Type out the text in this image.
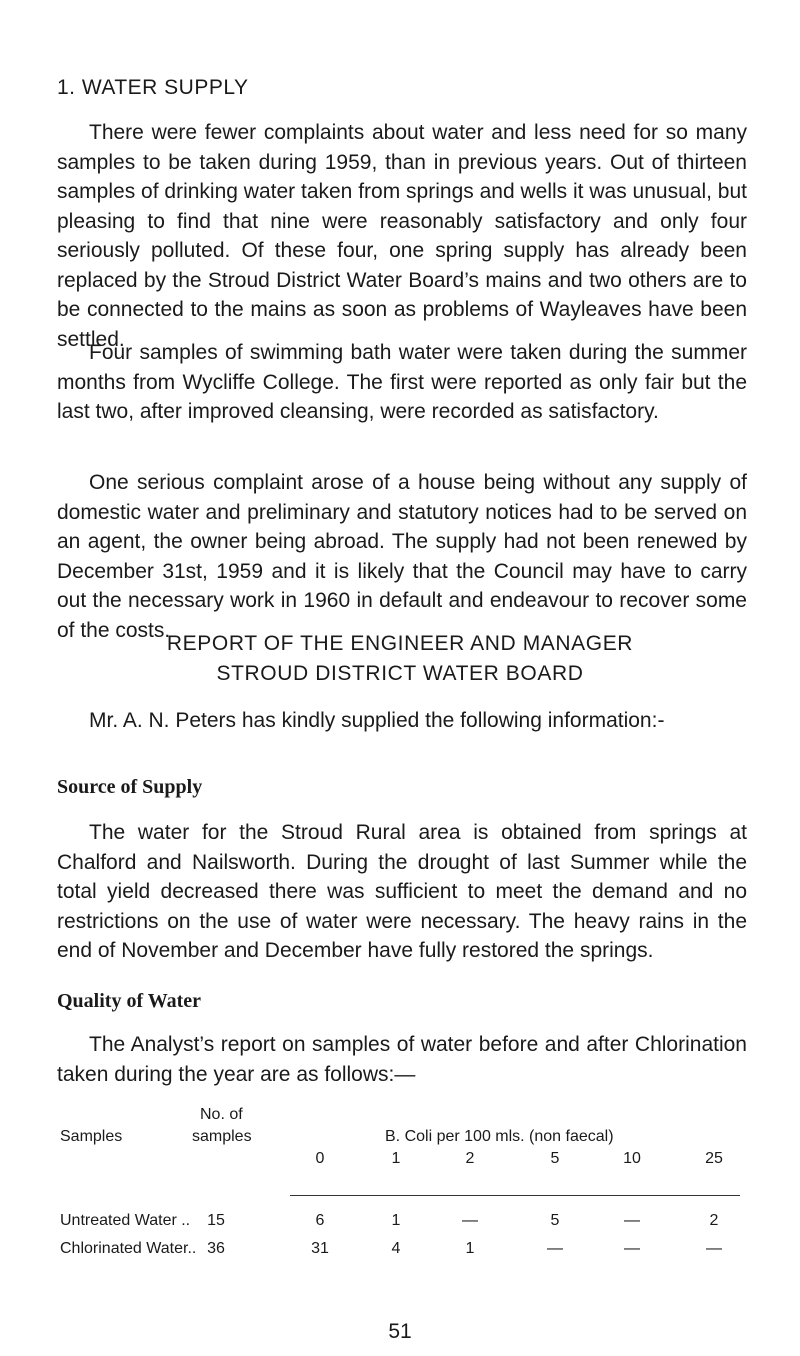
1. WATER SUPPLY

There were fewer complaints about water and less need for so many samples to be taken during 1959, than in previous years. Out of thirteen samples of drinking water taken from springs and wells it was unusual, but pleasing to find that nine were reasonably satisfactory and only four seriously polluted. Of these four, one spring supply has already been replaced by the Stroud District Water Board’s mains and two others are to be connected to the mains as soon as problems of Wayleaves have been settled.

Four samples of swimming bath water were taken during the summer months from Wycliffe College. The first were reported as only fair but the last two, after improved cleansing, were recorded as satisfactory.

One serious complaint arose of a house being without any supply of domestic water and preliminary and statutory notices had to be served on an agent, the owner being abroad. The supply had not been renewed by December 31st, 1959 and it is likely that the Council may have to carry out the necessary work in 1960 in default and endeavour to recover some of the costs.

REPORT OF THE ENGINEER AND MANAGER
STROUD DISTRICT WATER BOARD

Mr. A. N. Peters has kindly supplied the following information:-

Source of Supply

The water for the Stroud Rural area is obtained from springs at Chalford and Nailsworth. During the drought of last Summer while the total yield decreased there was sufficient to meet the demand and no restrictions on the use of water were necessary. The heavy rains in the end of November and December have fully restored the springs.

Quality of Water

The Analyst’s report on samples of water before and after Chlorination taken during the year are as follows:—

51
No. of
Samples	samples	B. Coli per 100 mls. (non faecal)
0	1	2	5	10	25
Untreated Water ..	15	6	1	—	5	—	2
Chlorinated Water.. 36	31	4	1	—	—	—
